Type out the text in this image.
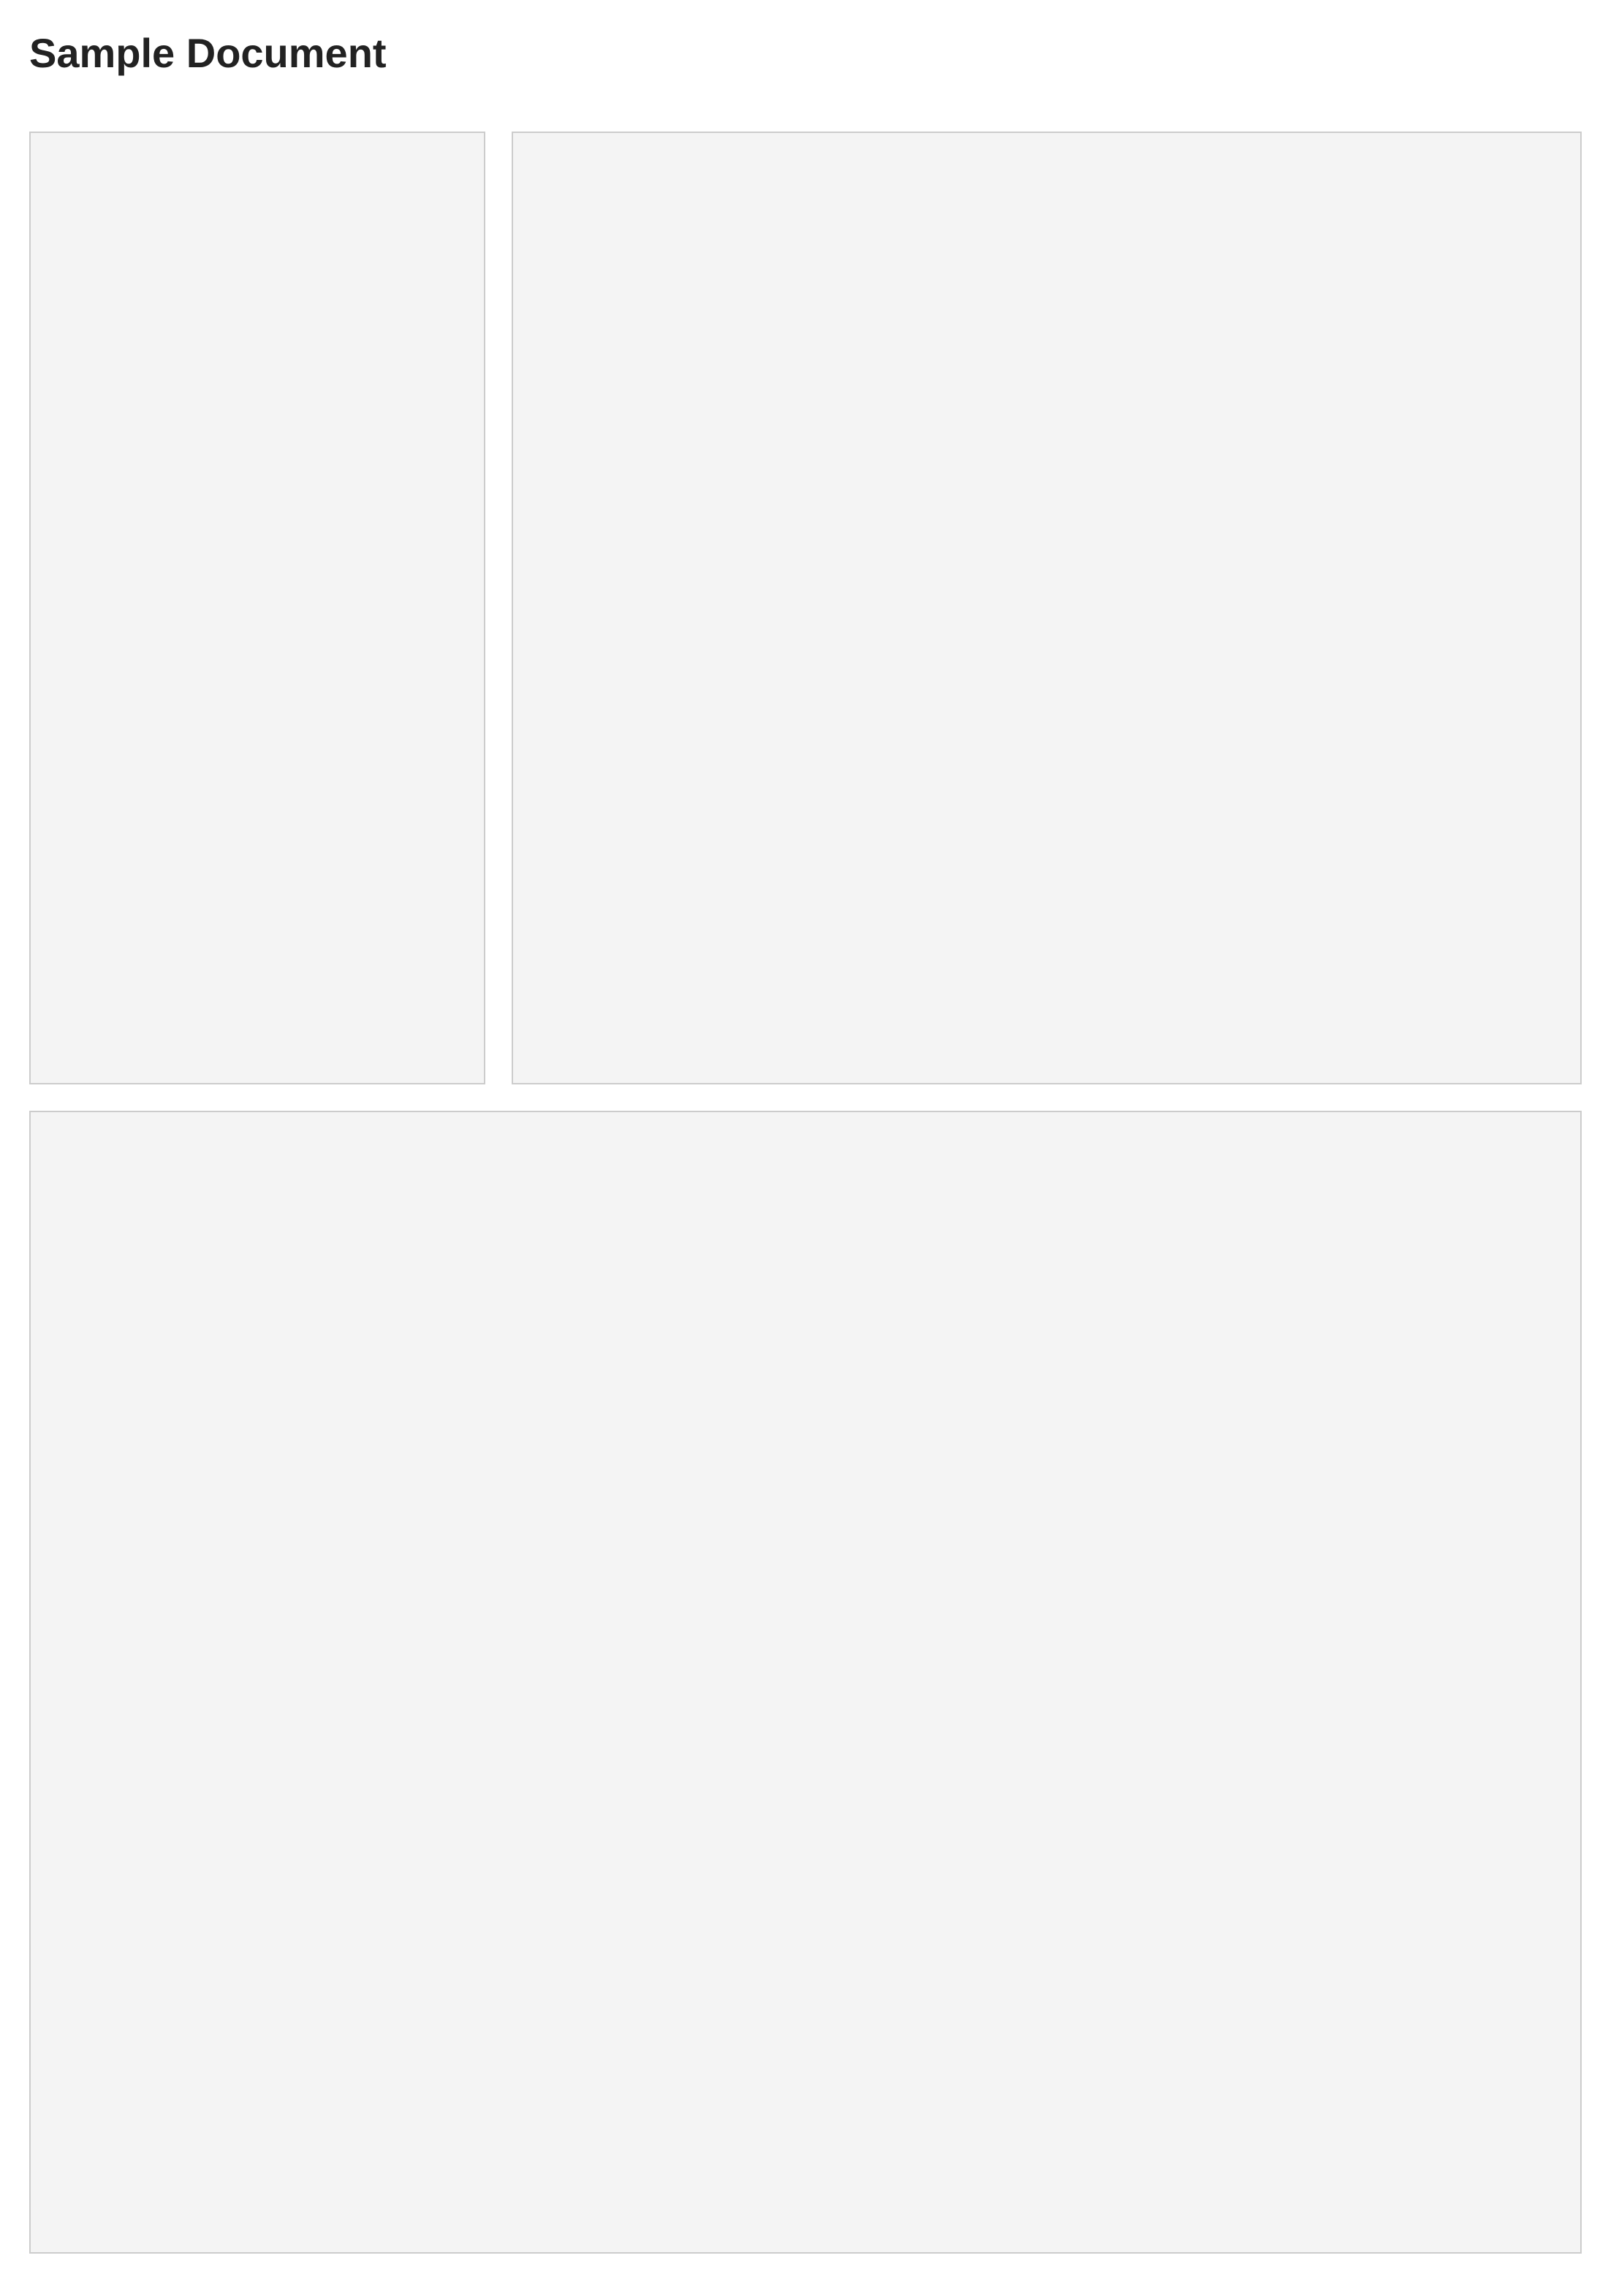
Sample Document
